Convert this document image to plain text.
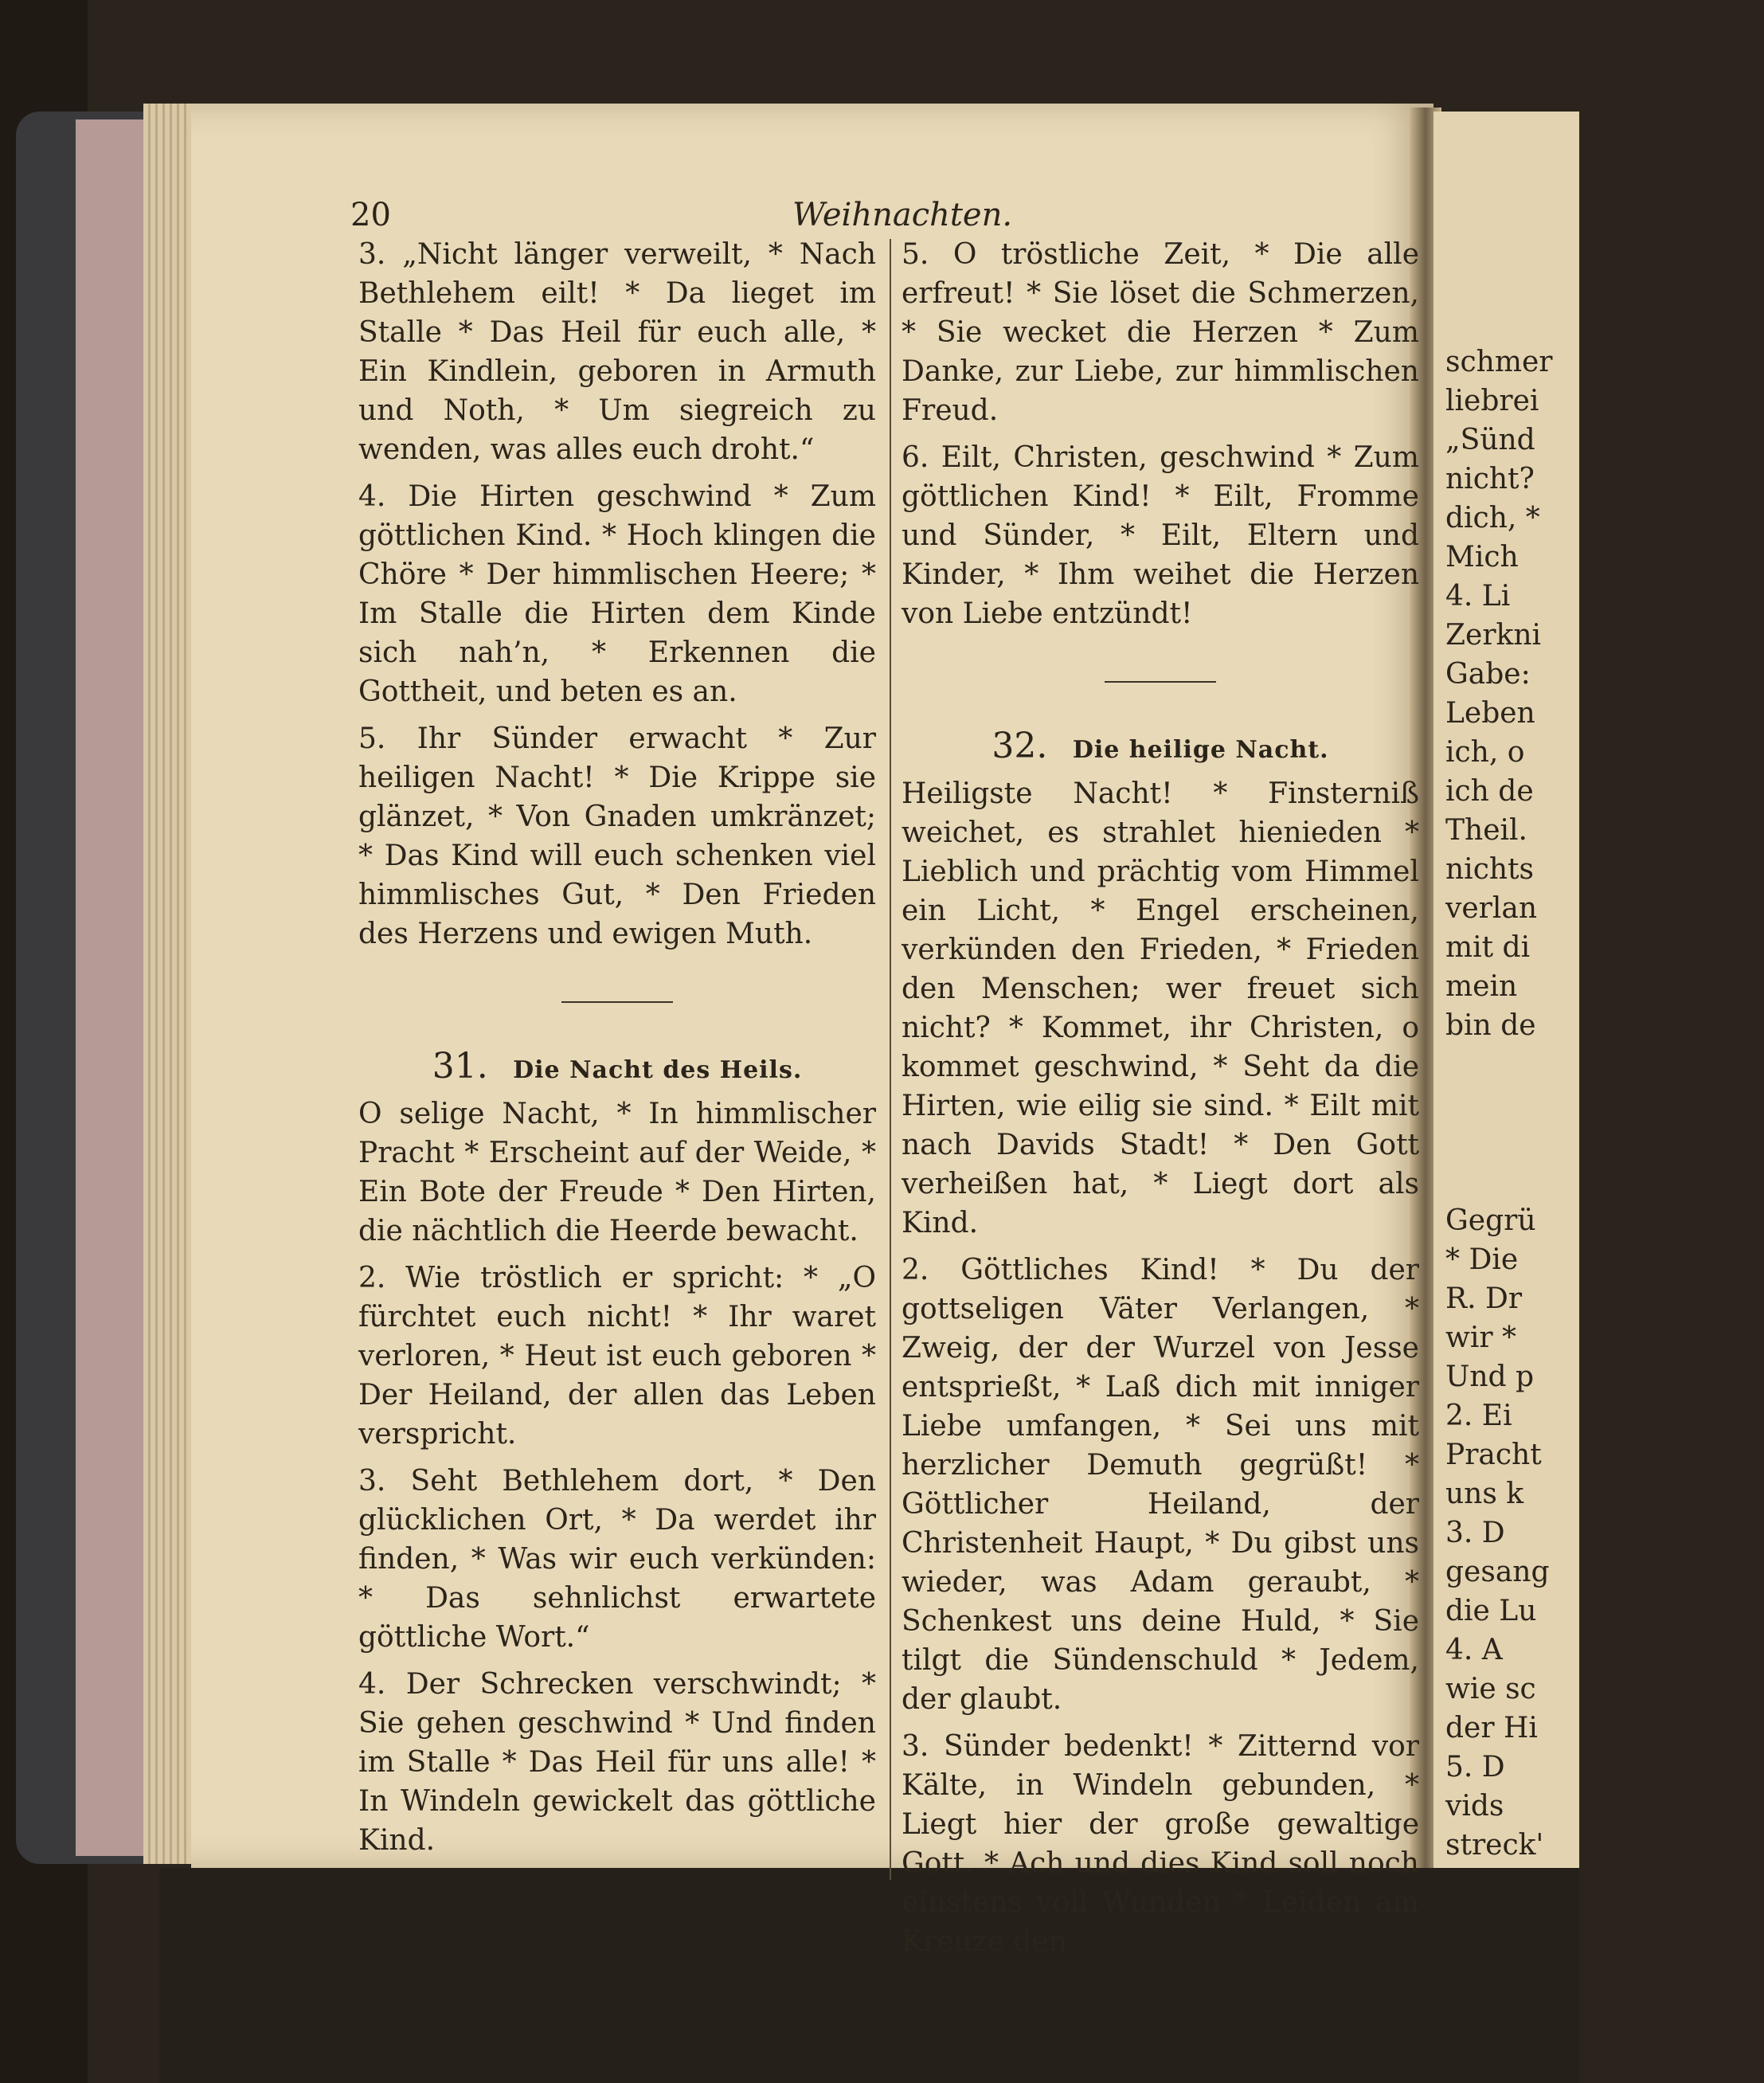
schmer
liebrei
„Sünd
nicht?
dich, *
Mich
4. Li
Zerkni
Gabe:
Leben
ich, o
ich de
Theil.
nichts
verlan
mit di
mein
bin de
Gegrü
* Die
R. Dr
wir *
Und p
2. Ei
Pracht
uns k
3. D
gesang
die Lu
4. A
wie sc
der Hi
5. D
vids
streck'
20	Weihnachten.

3. „Nicht länger verweilt, * Nach Bethlehem eilt! * Da lieget im Stalle * Das Heil für euch alle, * Ein Kindlein, geboren in Armuth und Noth, * Um siegreich zu wenden, was alles euch droht.“

4. Die Hirten geschwind * Zum göttlichen Kind. * Hoch klingen die Chöre * Der himmlischen Heere; * Im Stalle die Hirten dem Kinde sich nah’n, * Erkennen die Gottheit, und beten es an.

5. Ihr Sünder erwacht * Zur heiligen Nacht! * Die Krippe sie glänzet, * Von Gnaden umkränzet; * Das Kind will euch schenken viel himmlisches Gut, * Den Frieden des Herzens und ewigen Muth.

31. Die Nacht des Heils.

O selige Nacht, * In himmlischer Pracht * Erscheint auf der Weide, * Ein Bote der Freude * Den Hirten, die nächtlich die Heerde bewacht.

2. Wie tröstlich er spricht: * „O fürchtet euch nicht! * Ihr waret verloren, * Heut ist euch geboren * Der Heiland, der allen das Leben verspricht.

3. Seht Bethlehem dort, * Den glücklichen Ort, * Da werdet ihr finden, * Was wir euch verkünden: * Das sehnlichst erwartete göttliche Wort.“

4. Der Schrecken verschwindt; * Sie gehen geschwind * Und finden im Stalle * Das Heil für uns alle! * In Windeln gewickelt das göttliche Kind.

5. O tröstliche Zeit, * Die alle erfreut! * Sie löset die Schmerzen, * Sie wecket die Herzen * Zum Danke, zur Liebe, zur himmlischen Freud.

6. Eilt, Christen, geschwind * Zum göttlichen Kind! * Eilt, Fromme und Sünder, * Eilt, Eltern und Kinder, * Ihm weihet die Herzen von Liebe entzündt!

32. Die heilige Nacht.

Heiligste Nacht! * Finsterniß weichet, es strahlet hienieden * Lieblich und prächtig vom Himmel ein Licht, * Engel erscheinen, verkünden den Frieden, * Frieden den Menschen; wer freuet sich nicht? * Kommet, ihr Christen, o kommet geschwind, * Seht da die Hirten, wie eilig sie sind. * Eilt mit nach Davids Stadt! * Den Gott verheißen hat, * Liegt dort als Kind.

2. Göttliches Kind! * Du der gottseligen Väter Verlangen, * Zweig, der der Wurzel von Jesse entsprießt, * Laß dich mit inniger Liebe umfangen, * Sei uns mit herzlicher Demuth gegrüßt! * Göttlicher Heiland, der Christenheit Haupt, * Du gibst uns wieder, was Adam geraubt, * Schenkest uns deine Huld, * Sie tilgt die Sündenschuld * Jedem, der glaubt.

3. Sünder bedenkt! * Zitternd vor Kälte, in Windeln gebunden, * Liegt hier der große gewaltige Gott. * Ach und dies Kind soll noch einstens voll Wunden * Leiden am Kreuze den
